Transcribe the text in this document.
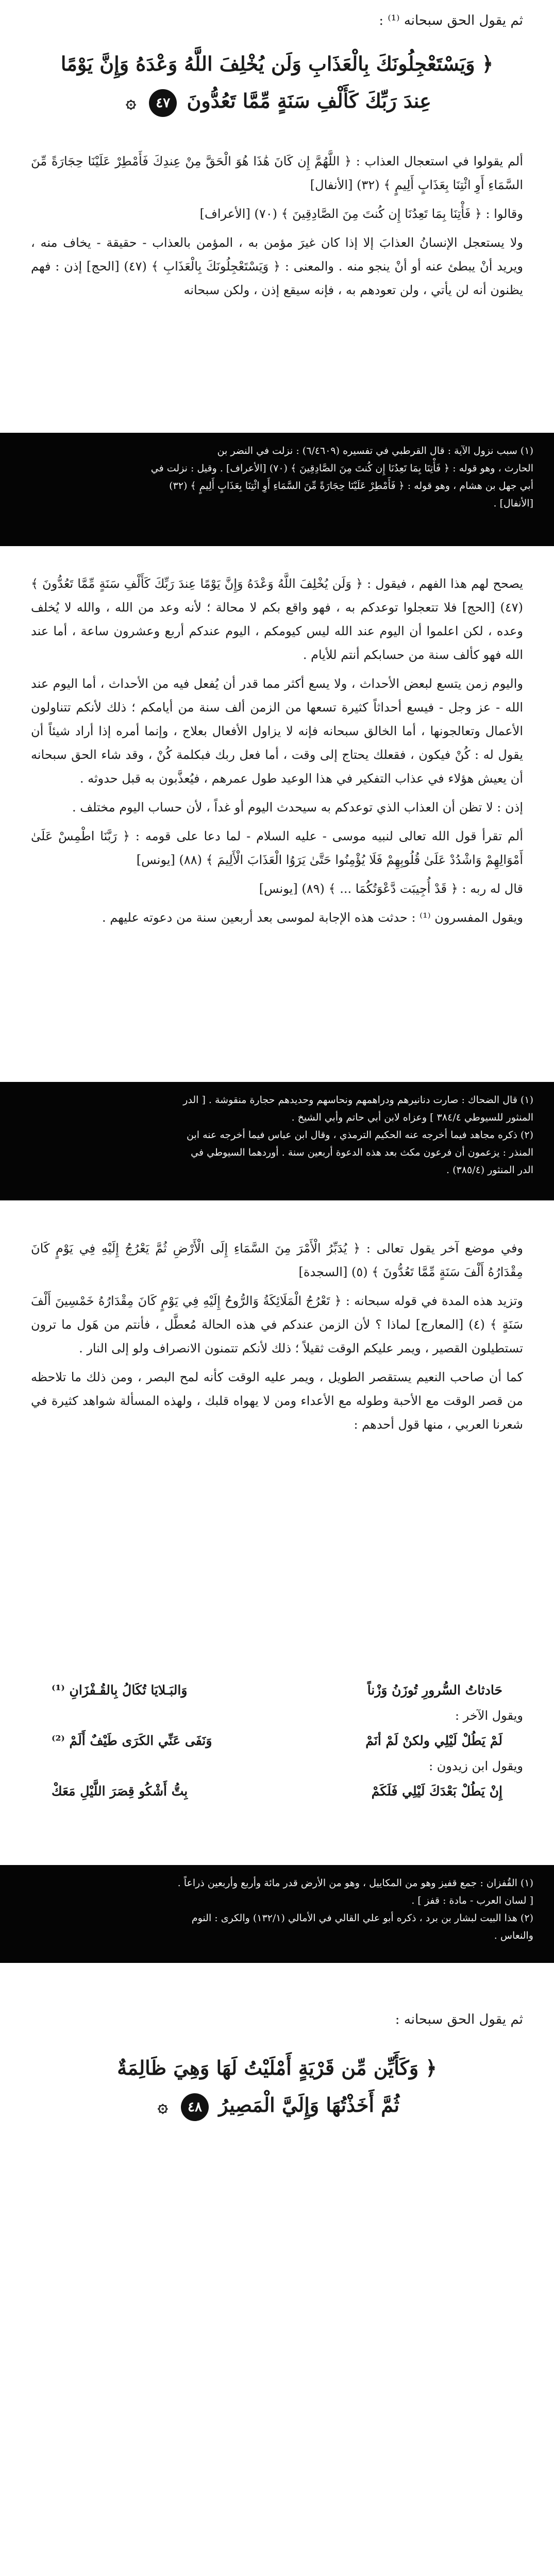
ثم يقول الحق سبحانه ⁽¹⁾ :
﴿ وَيَسْتَعْجِلُونَكَ بِالْعَذَابِ وَلَن يُخْلِفَ اللَّهُ وَعْدَهُ وَإِنَّ يَوْمًا
عِندَ رَبِّكَ كَأَلْفِ سَنَةٍ مِّمَّا تَعُدُّونَ ٤٧ ۞

ألم يقولوا في استعجال العذاب : ﴿ اللَّهُمَّ إِن كَانَ هَٰذَا هُوَ الْحَقَّ مِنْ عِندِكَ فَأَمْطِرْ عَلَيْنَا حِجَارَةً مِّنَ السَّمَاءِ أَوِ ائْتِنَا بِعَذَابٍ أَلِيمٍ ﴾ (٣٢) [الأنفال]

وقالوا : ﴿ فَأْتِنَا بِمَا تَعِدُنَا إِن كُنتَ مِنَ الصَّادِقِينَ ﴾ (٧٠) [الأعراف]

ولا يستعجل الإنسانُ العذابَ إلا إذا كان غيرَ مؤمن به ، المؤمن بالعذاب - حقيقة - يخاف منه ، ويريد أنْ يبطئ عنه أو أنْ ينجو منه . والمعنى : ﴿ وَيَسْتَعْجِلُونَكَ بِالْعَذَابِ ﴾ (٤٧) [الحج] إذن : فهم يظنون أنه لن يأتي ، ولن تعودهم به ، فإنه سيقع إذن ، ولكن سبحانه

(١) سبب نزول الآية : قال القرطبي في تفسيره (٦/٤٦٠٩) : نزلت في النضر بن

الحارث ، وهو قوله : ﴿ فَأْتِنَا بِمَا تَعِدُنَا إِن كُنتَ مِنَ الصَّادِقِينَ ﴾ (٧٠) [الأعراف] . وقيل : نزلت في

أبي جهل بن هشام ، وهو قوله : ﴿ فَأَمْطِرْ عَلَيْنَا حِجَارَةً مِّنَ السَّمَاءِ أَوِ ائْتِنَا بِعَذَابٍ أَلِيمٍ ﴾ (٣٢)

[الأنفال] .

يصحح لهم هذا الفهم ، فيقول : ﴿ وَلَن يُخْلِفَ اللَّهُ وَعْدَهُ وَإِنَّ يَوْمًا عِندَ رَبِّكَ كَأَلْفِ سَنَةٍ مِّمَّا تَعُدُّونَ ﴾ (٤٧) [الحج] فلا تتعجلوا توعدكم به ، فهو واقع بكم لا محالة ؛ لأنه وعد من الله ، والله لا يُخلف وعده ، لكن اعلموا أن اليوم عند الله ليس كيومكم ، اليوم عندكم أربع وعشرون ساعة ، أما عند الله فهو كألف سنة من حسابكم أنتم للأيام .

واليوم زمن يتسع لبعض الأحداث ، ولا يسع أكثر مما قدر أن يُفعل فيه من الأحداث ، أما اليوم عند الله - عز وجل - فيسع أحداثاً كثيرة تسعها من الزمن ألف سنة من أيامكم ؛ ذلك لأنكم تتناولون الأعمال وتعالجونها ، أما الخالق سبحانه فإنه لا يزاول الأفعال بعلاج ، وإنما أمره إذا أراد شيئاً أن يقول له : كُنْ فيكون ، فقعلك يحتاج إلى وقت ، أما فعل ربك فبكلمة كُنْ ، وقد شاء الحق سبحانه أن يعيش هؤلاء في عذاب التفكير في هذا الوعيد طول عمرهم ، فيُعذَّبون به قبل حدوثه .

إذن : لا تظن أن العذاب الذي توعدكم به سيحدث اليوم أو غداً ، لأن حساب اليوم مختلف .

ألم تقرأ قول الله تعالى لنبيه موسى - عليه السلام - لما دعا على قومه : ﴿ رَبَّنَا اطْمِسْ عَلَىٰ أَمْوَالِهِمْ وَاشْدُدْ عَلَىٰ قُلُوبِهِمْ فَلَا يُؤْمِنُوا حَتَّىٰ يَرَوُا الْعَذَابَ الْأَلِيمَ ﴾ (٨٨) [يونس]

قال له ربه : ﴿ قَدْ أُجِيبَت دَّعْوَتُكُمَا ... ﴾ (٨٩) [يونس]

ويقول المفسرون ⁽¹⁾ : حدثت هذه الإجابة لموسى بعد أربعين سنة من دعوته عليهم .

(١) قال الضحاك : صارت دنانيرهم ودراهمهم ونحاسهم وحديدهم حجارة منقوشة . [ الدر

المنثور للسيوطي ٣٨٤/٤ ] وعزاه لابن أبي حاتم وأبي الشيخ .

(٢) ذكره مجاهد فيما أخرجه عنه الحكيم الترمذي ، وقال ابن عباس فيما أخرجه عنه ابن

المنذر : يزعمون أن فرعون مكث بعد هذه الدعوة أربعين سنة . أوردهما السيوطي في

الدر المنثور (٣٨٥/٤) .

وفي موضع آخر يقول تعالى : ﴿ يُدَبِّرُ الْأَمْرَ مِنَ السَّمَاءِ إِلَى الْأَرْضِ ثُمَّ يَعْرُجُ إِلَيْهِ فِي يَوْمٍ كَانَ مِقْدَارُهُ أَلْفَ سَنَةٍ مِّمَّا تَعُدُّونَ ﴾ (٥) [السجدة]

وتزيد هذه المدة في قوله سبحانه : ﴿ تَعْرُجُ الْمَلَائِكَةُ وَالرُّوحُ إِلَيْهِ فِي يَوْمٍ كَانَ مِقْدَارُهُ خَمْسِينَ أَلْفَ سَنَةٍ ﴾ (٤) [المعارج] لماذا ؟ لأن الزمن عندكم في هذه الحالة مُعطَّل ، فأنتم من هَول ما ترون تستطيلون القصير ، ويمر عليكم الوقت ثقيلاً ؛ ذلك لأنكم تتمنون الانصراف ولو إلى النار .

كما أن صاحب النعيم يستقصر الطويل ، ويمر عليه الوقت كأنه لمح البصر ، ومن ذلك ما تلاحظه من قصر الوقت مع الأحبة وطوله مع الأعداء ومن لا يهواه قلبك ، ولهذه المسألة شواهد كثيرة في شعرنا العربي ، منها قول أحدهم :

حَادثاتُ السُّرورِ تُوزَنُ وَزْناً
وَالبَـلايَا تُكَالُ بِالقُـفْزَانِ ⁽¹⁾
ويقول الآخر :
لَمْ يَطُلْ لَيْلِي ولكنْ لَمْ أنَمْ
وَنَفَى عَنِّي الكَرَى طَيْفٌ أَلَمْ ⁽²⁾
ويقول ابن زيدون :
إِنْ يَطُلْ بَعْدَكَ لَيْلِي فَلَكَمْ
بِتُّ أَشْكُو قِصَرَ اللَّيْلِ مَعَكْ

(١) القُفزان : جمع قفيز وهو من المكاييل ، وهو من الأرض قدر مائة وأربع وأربعين ذراعاً .

[ لسان العرب - مادة : قفز ] .

(٢) هذا البيت لبشار بن برد ، ذكره أبو علي القالي في الأمالي (١٣٢/١) والكرى : النوم

والنعاس .

ثم يقول الحق سبحانه :
﴿ وَكَأَيِّن مِّن قَرْيَةٍ أَمْلَيْتُ لَهَا وَهِيَ ظَالِمَةٌ
ثُمَّ أَخَذْتُهَا وَإِلَيَّ الْمَصِيرُ ٤٨ ۞
